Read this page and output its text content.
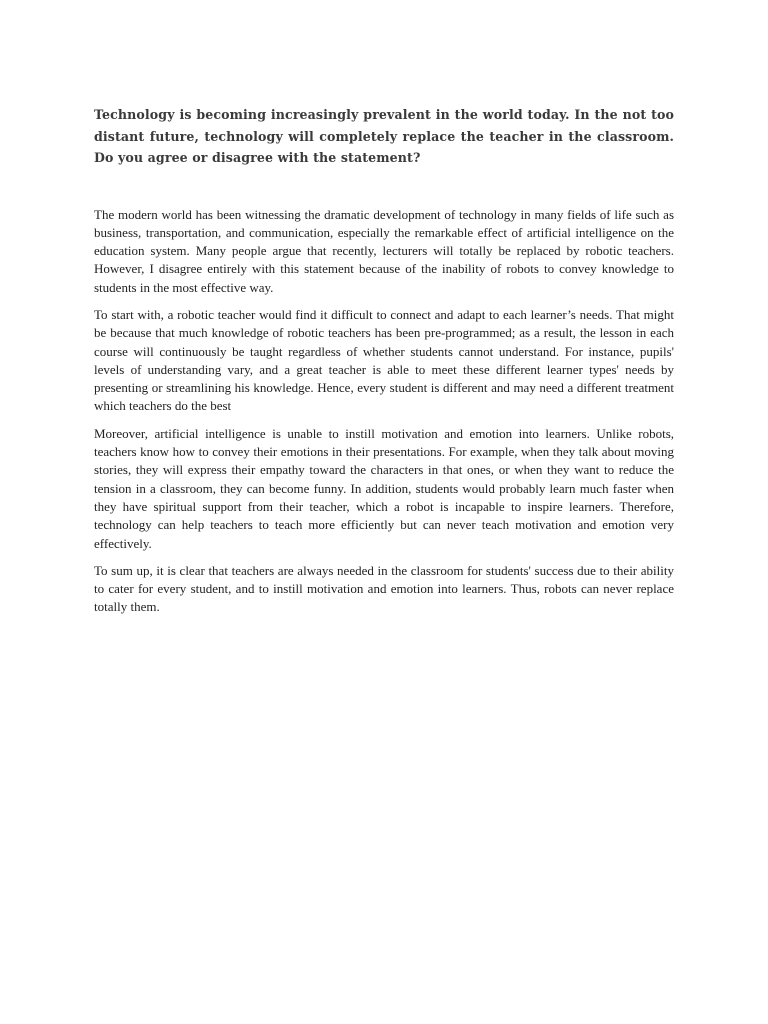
Technology is becoming increasingly prevalent in the world today. In the not too distant future, technology will completely replace the teacher in the classroom. Do you agree or disagree with the statement?

The modern world has been witnessing the dramatic development of technology in many fields of life such as business, transportation, and communication, especially the remarkable effect of artificial intelligence on the education system. Many people argue that recently, lecturers will totally be replaced by robotic teachers. However, I disagree entirely with this statement because of the inability of robots to convey knowledge to students in the most effective way.

To start with, a robotic teacher would find it difficult to connect and adapt to each learner’s needs. That might be because that much knowledge of robotic teachers has been pre-programmed; as a result, the lesson in each course will continuously be taught regardless of whether students cannot understand. For instance, pupils' levels of understanding vary, and a great teacher is able to meet these different learner types' needs by presenting or streamlining his knowledge. Hence, every student is different and may need a different treatment which teachers do the best

Moreover, artificial intelligence is unable to instill motivation and emotion into learners. Unlike robots, teachers know how to convey their emotions in their presentations. For example, when they talk about moving stories, they will express their empathy toward the characters in that ones, or when they want to reduce the tension in a classroom, they can become funny. In addition, students would probably learn much faster when they have spiritual support from their teacher, which a robot is incapable to inspire learners. Therefore, technology can help teachers to teach more efficiently but can never teach motivation and emotion very effectively.

To sum up, it is clear that teachers are always needed in the classroom for students' success due to their ability to cater for every student, and to instill motivation and emotion into learners. Thus, robots can never replace totally them.
